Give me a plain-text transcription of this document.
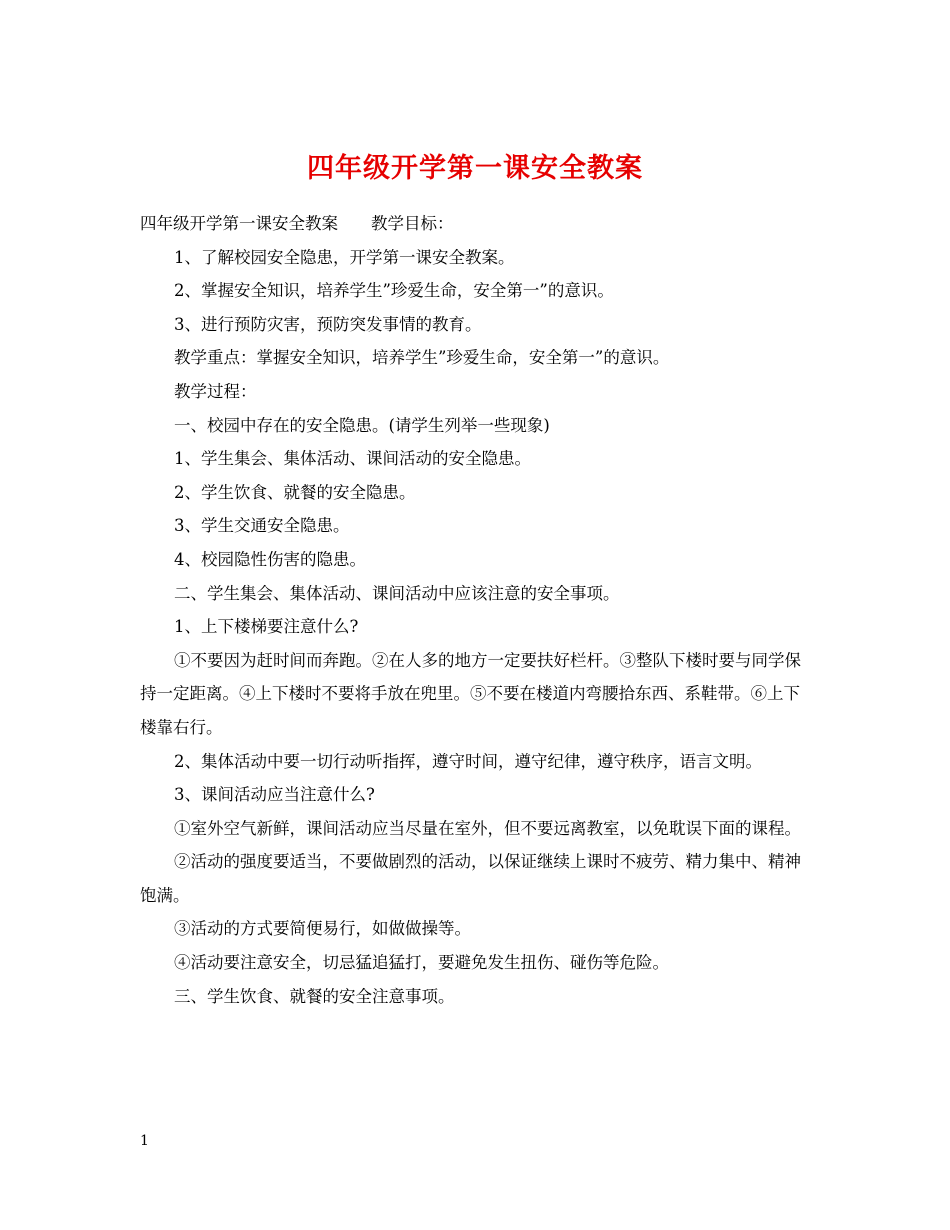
四年级开学第一课安全教案

四年级开学第一课安全教案　　教学目标：

1、了解校园安全隐患，开学第一课安全教案。

2、掌握安全知识，培养学生”珍爱生命，安全第一”的意识。

3、进行预防灾害，预防突发事情的教育。

教学重点：掌握安全知识，培养学生”珍爱生命，安全第一”的意识。

教学过程：

一、校园中存在的安全隐患。(请学生列举一些现象)

1、学生集会、集体活动、课间活动的安全隐患。

2、学生饮食、就餐的安全隐患。

3、学生交通安全隐患。

4、校园隐性伤害的隐患。

二、学生集会、集体活动、课间活动中应该注意的安全事项。

1、上下楼梯要注意什么?

①不要因为赶时间而奔跑。②在人多的地方一定要扶好栏杆。③整队下楼时要与同学保持一定距离。④上下楼时不要将手放在兜里。⑤不要在楼道内弯腰拾东西、系鞋带。⑥上下楼靠右行。

2、集体活动中要一切行动听指挥，遵守时间，遵守纪律，遵守秩序，语言文明。

3、课间活动应当注意什么?

①室外空气新鲜，课间活动应当尽量在室外，但不要远离教室，以免耽误下面的课程。

②活动的强度要适当，不要做剧烈的活动，以保证继续上课时不疲劳、精力集中、精神饱满。

③活动的方式要简便易行，如做做操等。

④活动要注意安全，切忌猛追猛打，要避免发生扭伤、碰伤等危险。

三、学生饮食、就餐的安全注意事项。

1
